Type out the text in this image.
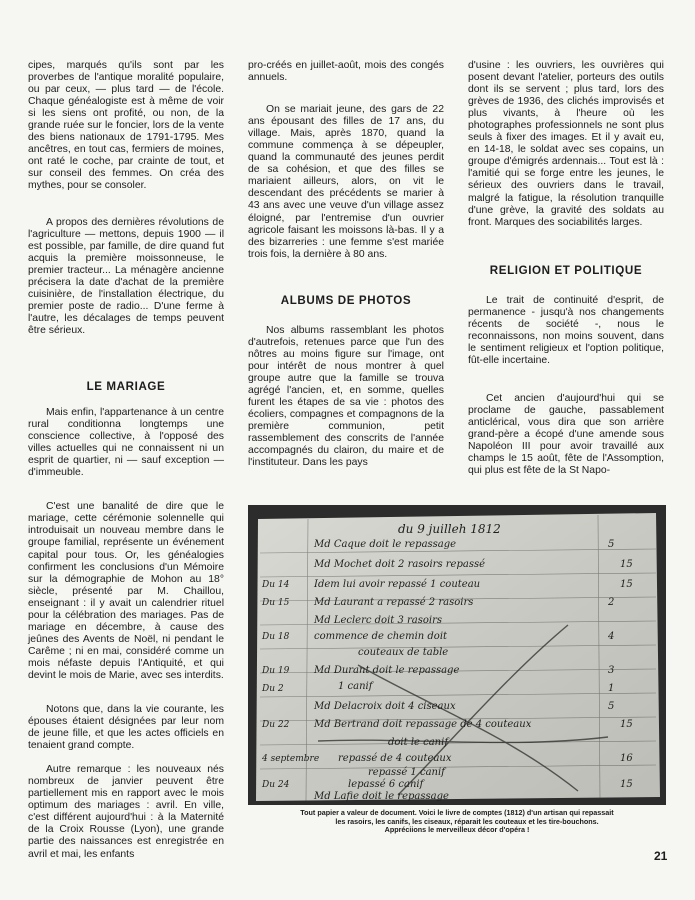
cipes, marqués qu'ils sont par les proverbes de l'antique moralité populaire, ou par ceux, — plus tard — de l'école. Chaque généalogiste est à même de voir si les siens ont profité, ou non, de la grande ruée sur le foncier, lors de la vente des biens nationaux de 1791-1795. Mes ancêtres, en tout cas, fermiers de moines, ont raté le coche, par crainte de tout, et sur conseil des femmes. On créa des mythes, pour se consoler.

A propos des dernières révolutions de l'agriculture — mettons, depuis 1900 — il est possible, par famille, de dire quand fut acquis la première moissonneuse, le premier tracteur... La ménagère ancienne précisera la date d'achat de la première cuisinière, de l'installation électrique, du premier poste de radio... D'une ferme à l'autre, les décalages de temps peuvent être sérieux.

LE MARIAGE

Mais enfin, l'appartenance à un centre rural conditionna longtemps une conscience collective, à l'opposé des villes actuelles qui ne connaissent ni un esprit de quartier, ni — sauf exception — d'immeuble.

C'est une banalité de dire que le mariage, cette cérémonie solennelle qui introduisait un nouveau membre dans le groupe familial, représente un événement capital pour tous. Or, les généalogies confirment les conclusions d'un Mémoire sur la démographie de Mohon au 18° siècle, présenté par M. Chaillou, enseignant : il y avait un calendrier rituel pour la célébration des mariages. Pas de mariage en décembre, à cause des jeûnes des Avents de Noël, ni pendant le Carême ; ni en mai, considéré comme un mois néfaste depuis l'Antiquité, et qui devint le mois de Marie, avec ses interdits.

Notons que, dans la vie courante, les épouses étaient désignées par leur nom de jeune fille, et que les actes officiels en tenaient grand compte.

Autre remarque : les nouveaux nés nombreux de janvier peuvent être partiellement mis en rapport avec le mois optimum des mariages : avril. En ville, c'est différent aujourd'hui : à la Maternité de la Croix Rousse (Lyon), une grande partie des naissances est enregistrée en avril et mai, les enfants

pro-créés en juillet-août, mois des congés annuels.

On se mariait jeune, des gars de 22 ans épousant des filles de 17 ans, du village. Mais, après 1870, quand la commune commença à se dépeupler, quand la communauté des jeunes perdit de sa cohésion, et que des filles se mariaient ailleurs, alors, on vit le descendant des précédents se marier à 43 ans avec une veuve d'un village assez éloigné, par l'entremise d'un ouvrier agricole faisant les moissons là-bas. Il y a des bizarreries : une femme s'est mariée trois fois, la dernière à 80 ans.

ALBUMS DE PHOTOS

Nos albums rassemblant les photos d'autrefois, retenues parce que l'un des nôtres au moins figure sur l'image, ont pour intérêt de nous montrer à quel groupe autre que la famille se trouva agrégé l'ancien, et, en somme, quelles furent les étapes de sa vie : photos des écoliers, compagnes et compagnons de la première communion, petit rassemblement des conscrits de l'année accompagnés du clairon, du maire et de l'instituteur. Dans les pays

d'usine : les ouvriers, les ouvrières qui posent devant l'atelier, porteurs des outils dont ils se servent ; plus tard, lors des grèves de 1936, des clichés improvisés et plus vivants, à l'heure où les photographes professionnels ne sont plus seuls à fixer des images. Et il y avait eu, en 14-18, le soldat avec ses copains, un groupe d'émigrés ardennais... Tout est là : l'amitié qui se forge entre les jeunes, le sérieux des ouvriers dans le travail, malgré la fatigue, la résolution tranquille d'une grève, la gravité des soldats au front. Marques des sociabilités larges.

RELIGION ET POLITIQUE

Le trait de continuité d'esprit, de permanence - jusqu'à nos changements récents de société -, nous le reconnaissons, non moins souvent, dans le sentiment religieux et l'option politique, fût-elle incertaine.

Cet ancien d'aujourd'hui qui se proclame de gauche, passablement anticlérical, vous dira que son arrière grand-père a écopé d'une amende sous Napoléon III pour avoir travaillé aux champs le 15 août, fête de l'Assomption, qui plus est fête de la St Napo-

du 9 juilleh 1812
Md Caque doit le repassage
Md Mochet doit 2 rasoirs repassé
Idem lui avoir repassé 1 couteau
Md Laurant a repassé 2 rasoirs
Md Leclerc doit 3 rasoirs
commence de chemin doit
couteaux de table
Md Durant doit le repassage
1 canif
Md Delacroix doit 4 ciseaux
Md Bertrand doit repassage de 4 couteaux
doit le canif
repassé de 4 couteaux
repassé 1 canif
lepassé 6 canif
Md Lafie doit le repassage
Du 14
Du 15
Du 18
Du 19
Du 2
Du 22
4 septembre
Du 24
5
15
15
2
4
3
1
5
15
16
15
Tout papier a valeur de document. Voici le livre de comptes (1812) d'un artisan qui repassait
les rasoirs, les canifs, les ciseaux, réparait les couteaux et les tire-bouchons.
Appréciions le merveilleux décor d'opéra !
21
